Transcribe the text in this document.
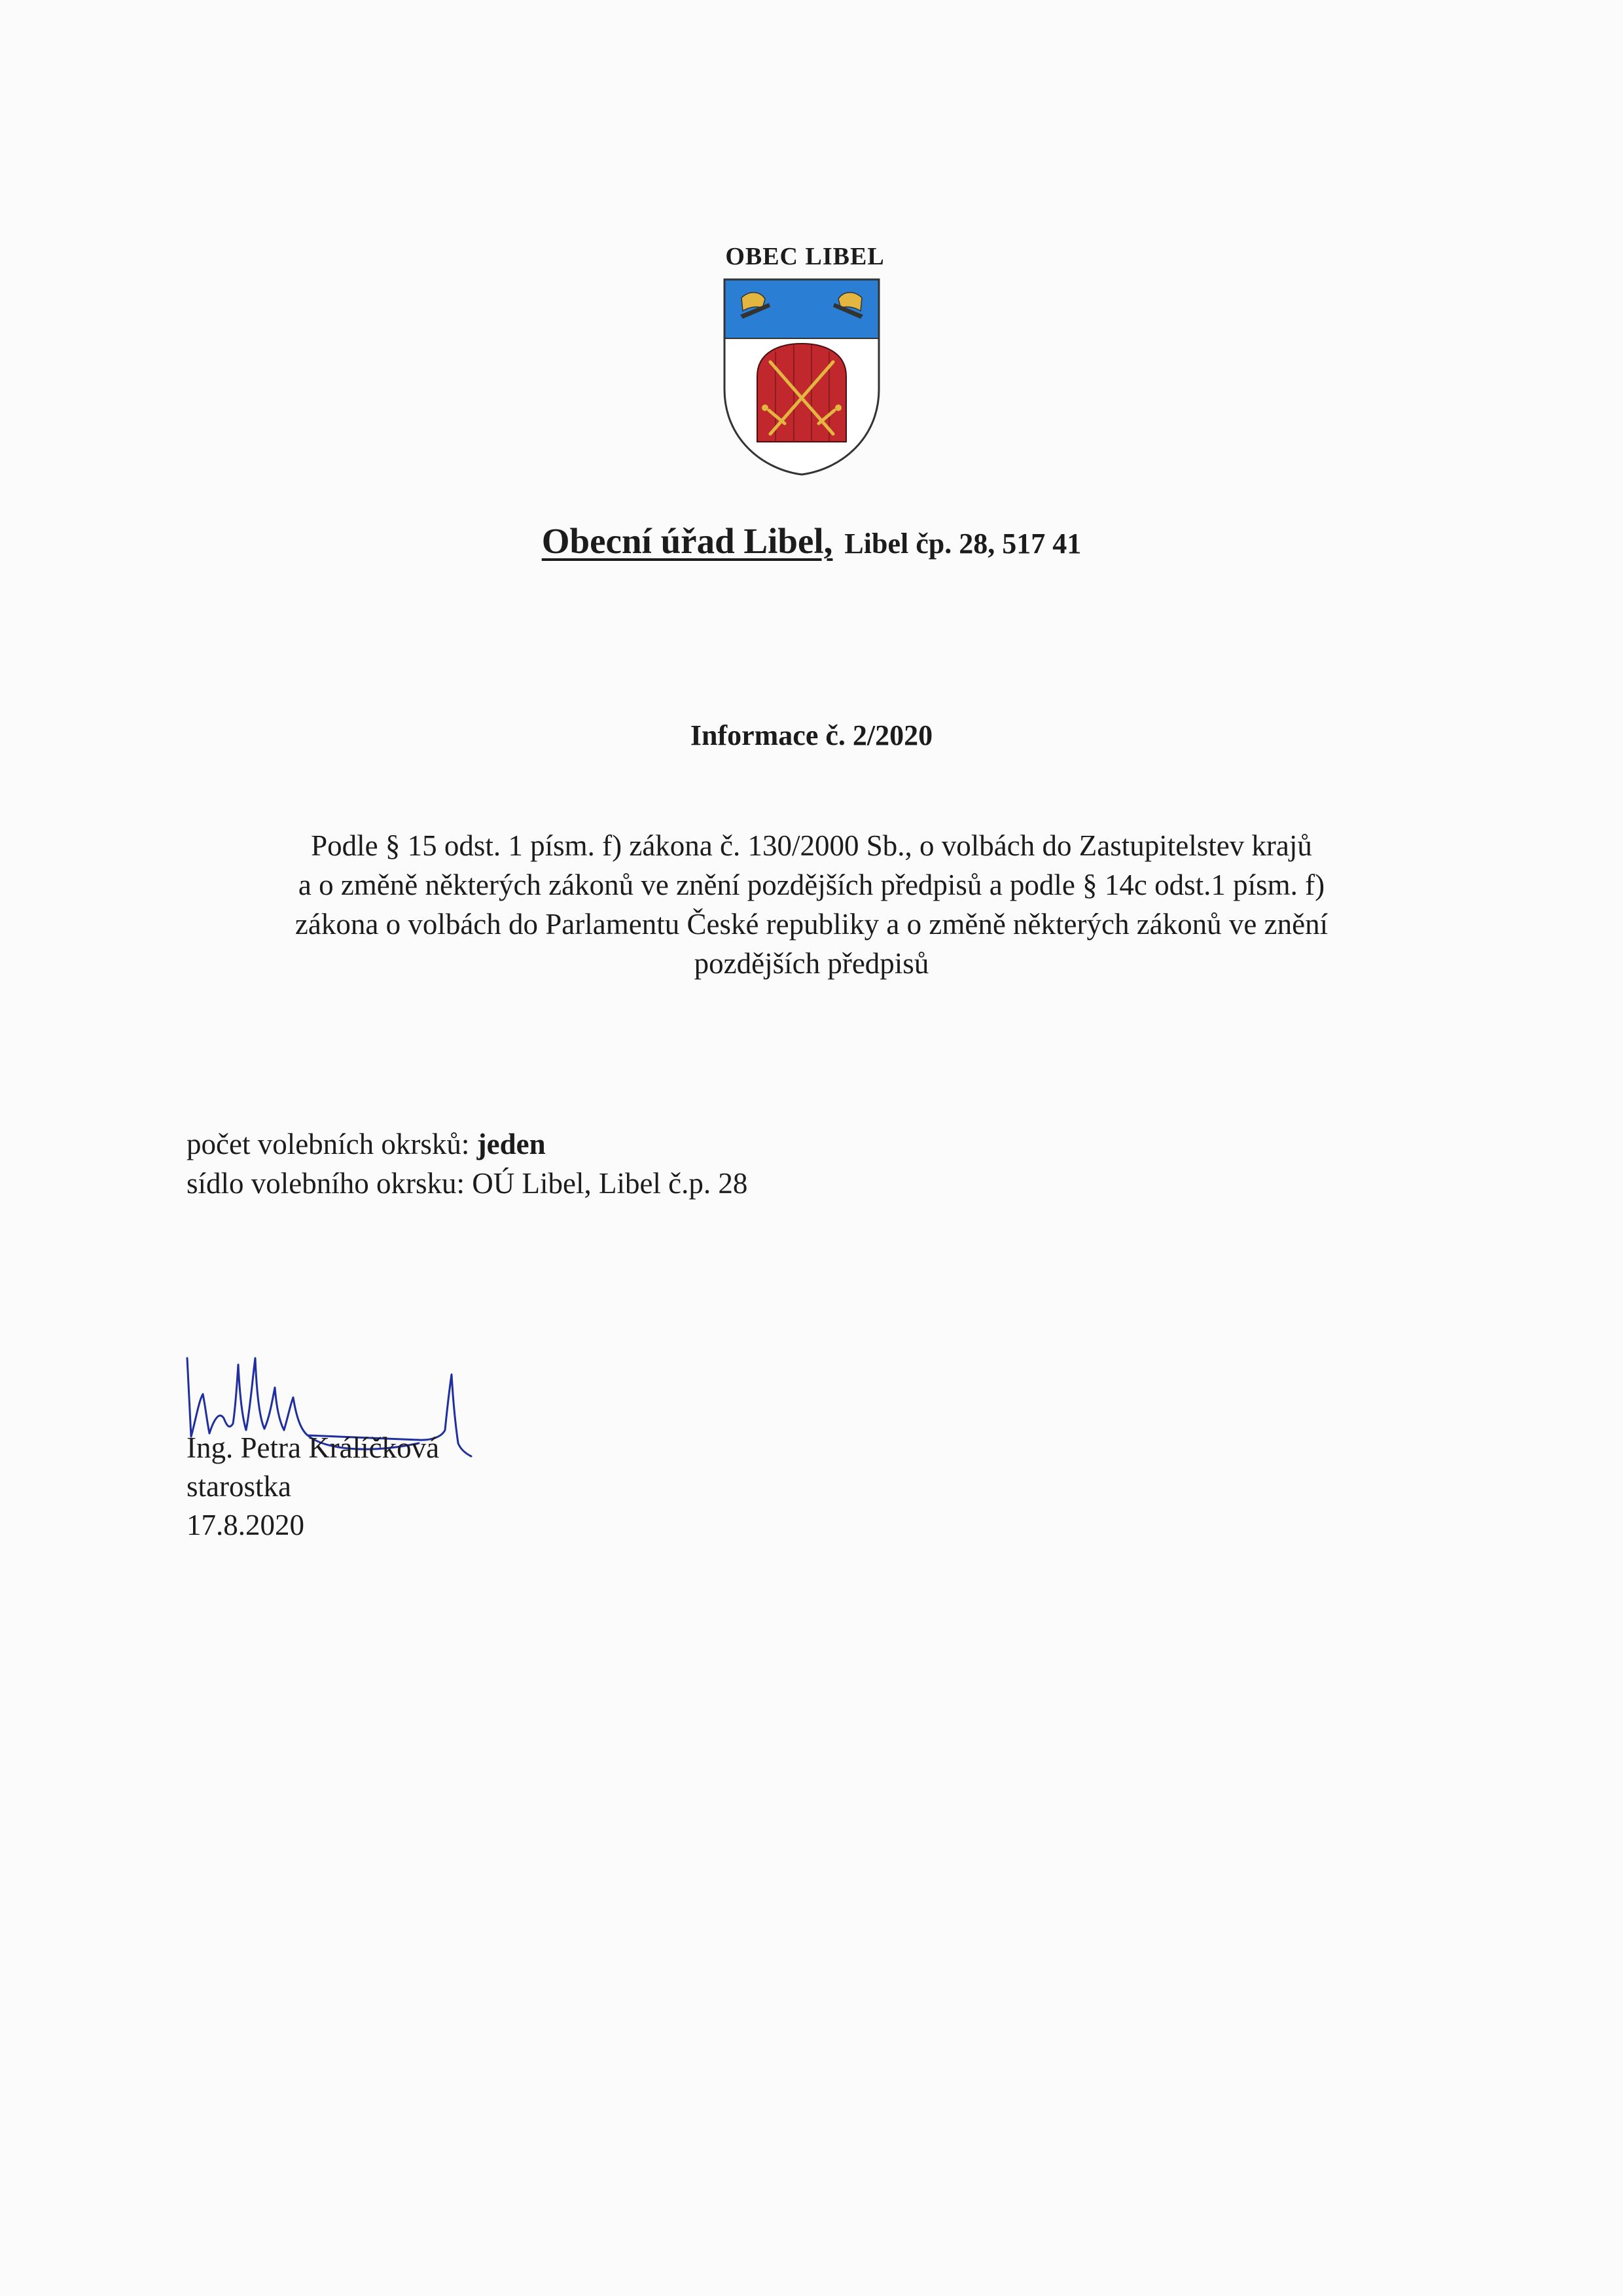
OBEC LIBEL
Obecní úřad Libel, Libel čp. 28, 517 41
Informace č. 2/2020

Podle § 15 odst. 1 písm. f) zákona č. 130/2000 Sb., o volbách do Zastupitelstev krajů

a o změně některých zákonů ve znění pozdějších předpisů a podle § 14c odst.1 písm. f)

zákona o volbách do Parlamentu České republiky a o změně některých zákonů ve znění

pozdějších předpisů

počet volebních okrsků: jeden

sídlo volebního okrsku: OÚ Libel, Libel č.p. 28

Ing. Petra Králíčková

starostka

17.8.2020
